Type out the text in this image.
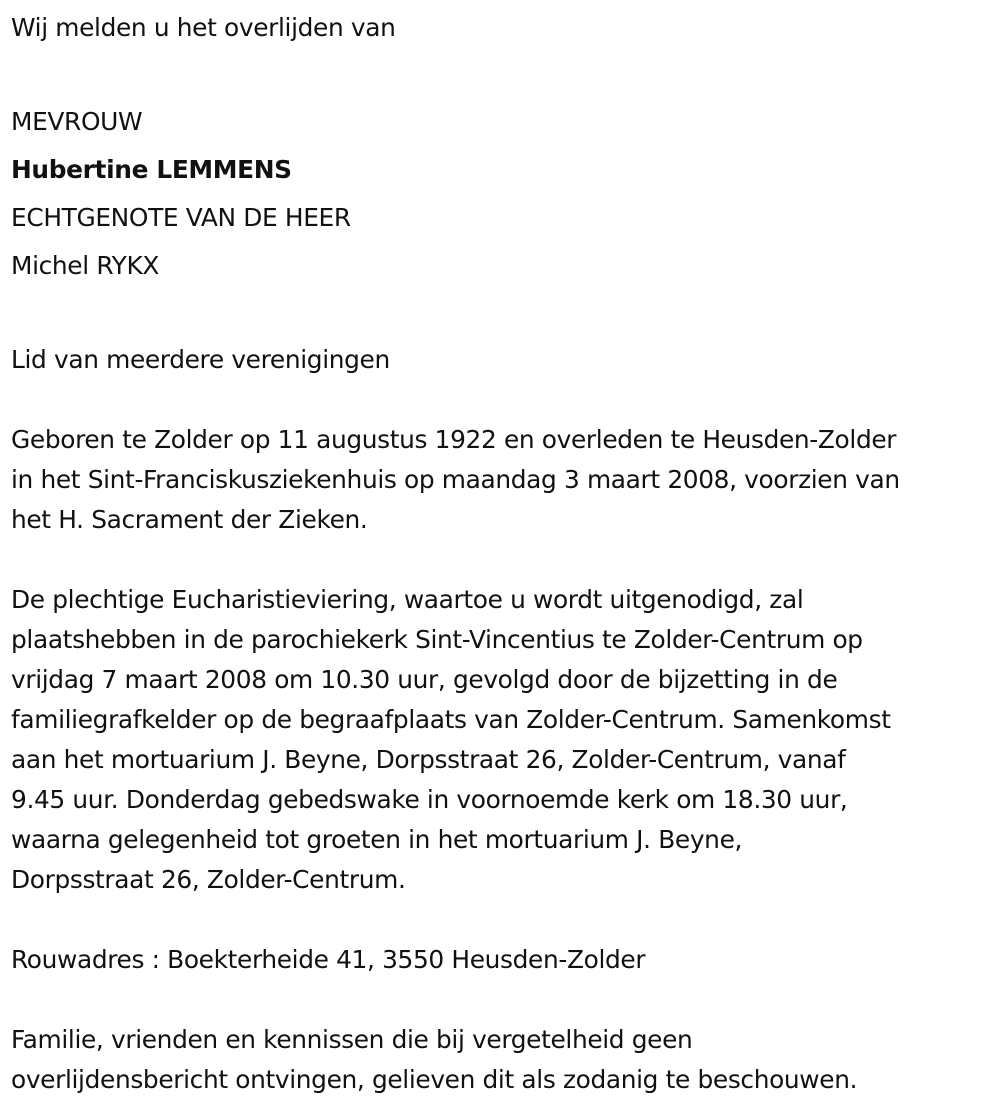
Wij melden u het overlijden van
MEVROUW
Hubertine LEMMENS
ECHTGENOTE VAN DE HEER
Michel RYKX
Lid van meerdere verenigingen
Geboren te Zolder op 11 augustus 1922 en overleden te Heusden-Zolder
in het Sint-Franciskusziekenhuis op maandag 3 maart 2008, voorzien van
het H. Sacrament der Zieken.
De plechtige Eucharistieviering, waartoe u wordt uitgenodigd, zal
plaatshebben in de parochiekerk Sint-Vincentius te Zolder-Centrum op
vrijdag 7 maart 2008 om 10.30 uur, gevolgd door de bijzetting in de
familiegrafkelder op de begraafplaats van Zolder-Centrum. Samenkomst
aan het mortuarium J. Beyne, Dorpsstraat 26, Zolder-Centrum, vanaf
9.45 uur. Donderdag gebedswake in voornoemde kerk om 18.30 uur,
waarna gelegenheid tot groeten in het mortuarium J. Beyne,
Dorpsstraat 26, Zolder-Centrum.
Rouwadres : Boekterheide 41, 3550 Heusden-Zolder
Familie, vrienden en kennissen die bij vergetelheid geen
overlijdensbericht ontvingen, gelieven dit als zodanig te beschouwen.
